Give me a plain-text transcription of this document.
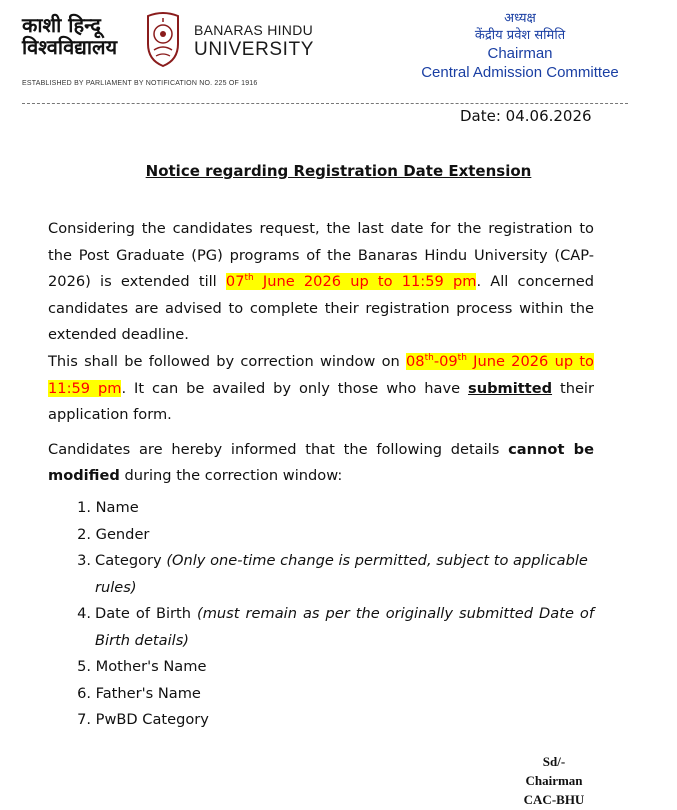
काशी हिन्दू
विश्वविद्यालय
BANARAS HINDU
UNIVERSITY
ESTABLISHED BY PARLIAMENT BY NOTIFICATION NO. 225 OF 1916
अध्यक्ष
केंद्रीय प्रवेश समिति
Chairman
Central Admission Committee
Date: 04.06.2026
Notice regarding Registration Date Extension
Considering the candidates request, the last date for the registration to the Post Graduate (PG) programs of the Banaras Hindu University (CAP-2026) is extended till 07th June 2026 up to 11:59 pm. All concerned candidates are advised to complete their registration process within the extended deadline.
This shall be followed by correction window on 08th-09th June 2026 up to 11:59 pm. It can be availed by only those who have submitted their application form.
Candidates are hereby informed that the following details cannot be modified during the correction window:
1. Name
2. Gender
3. Category (Only one-time change is permitted, subject to applicable rules)
4. Date of Birth (must remain as per the originally submitted Date of Birth details)
5. Mother's Name
6. Father's Name
7. PwBD Category
Sd/-
Chairman
CAC-BHU
